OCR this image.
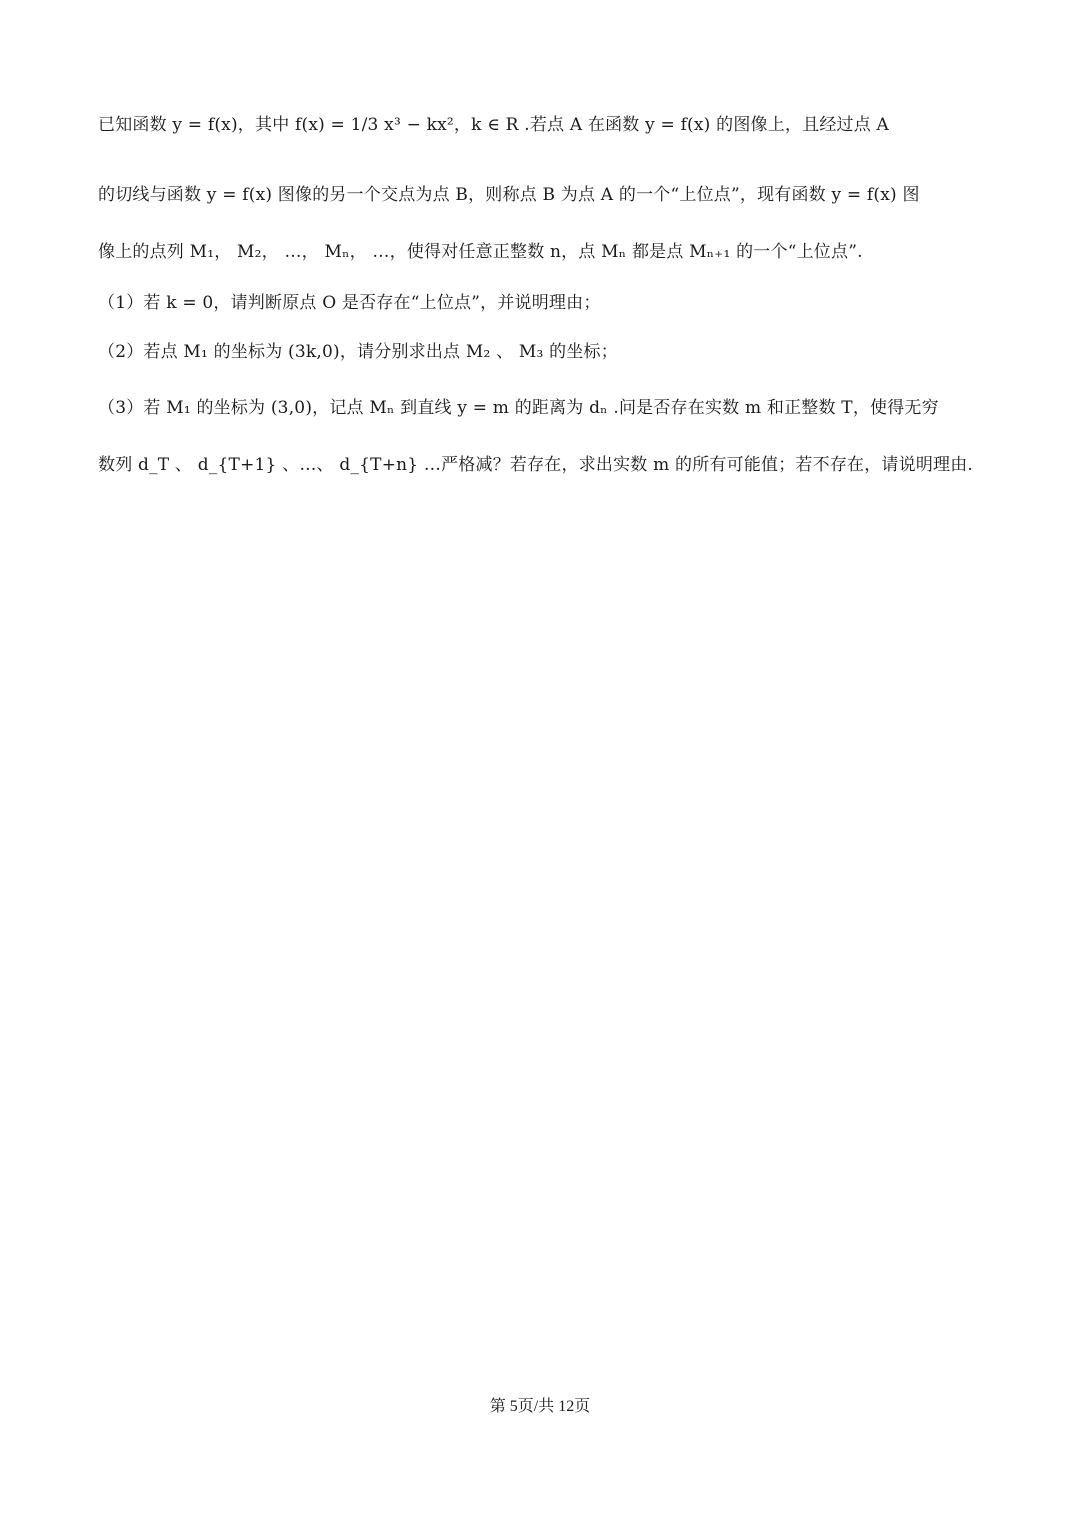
已知函数 y = f(x)，其中 f(x) = 1/3 x³ − kx²，k ∈ R .若点 A 在函数 y = f(x) 的图像上，且经过点 A
的切线与函数 y = f(x) 图像的另一个交点为点 B，则称点 B 为点 A 的一个“上位点”，现有函数 y = f(x) 图
像上的点列 M₁， M₂， …， Mₙ， …，使得对任意正整数 n，点 Mₙ 都是点 Mₙ₊₁ 的一个“上位点”.
（1）若 k = 0，请判断原点 O 是否存在“上位点”，并说明理由；
（2）若点 M₁ 的坐标为 (3k,0)，请分别求出点 M₂ 、 M₃ 的坐标；
（3）若 M₁ 的坐标为 (3,0)，记点 Mₙ 到直线 y = m 的距离为 dₙ .问是否存在实数 m 和正整数 T，使得无穷
数列 d_T 、 d_{T+1} 、…、 d_{T+n} …严格减？若存在，求出实数 m 的所有可能值；若不存在，请说明理由.
第 5页/共 12页
